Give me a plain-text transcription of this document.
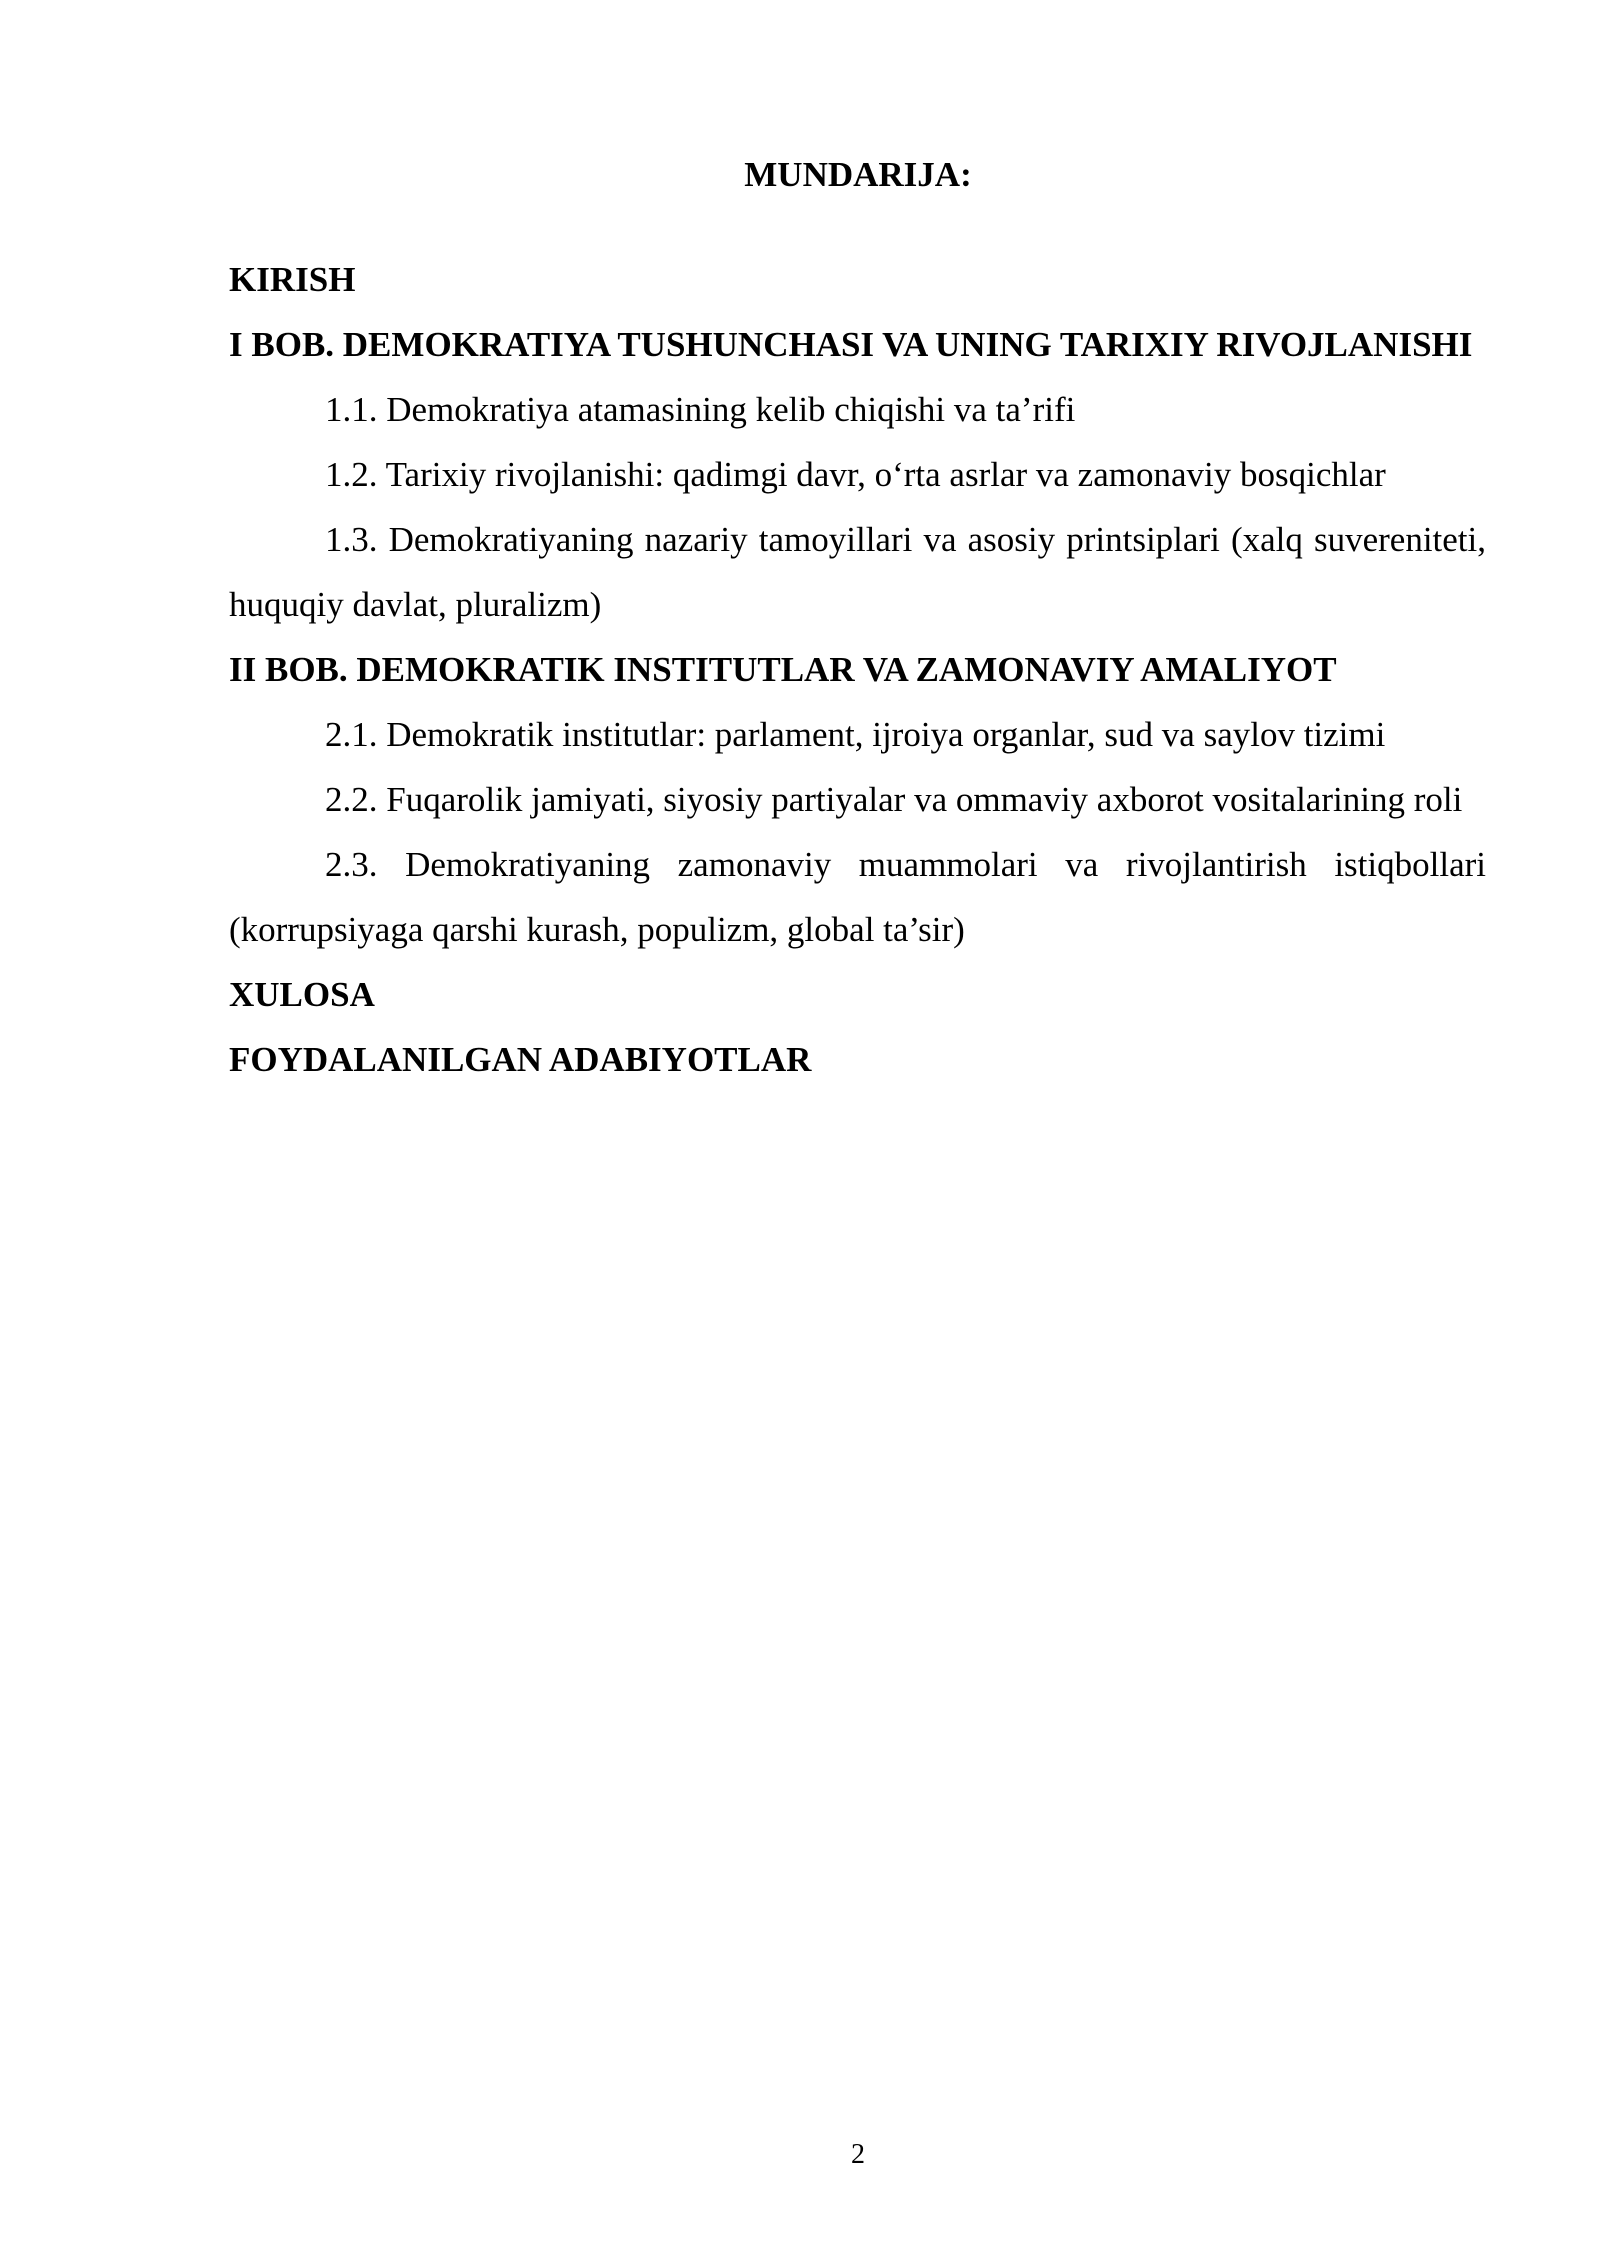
MUNDARIJA:

KIRISH

I BOB. DEMOKRATIYA TUSHUNCHASI VA UNING TARIXIY RIVOJLANISHI

1.1. Demokratiya atamasining kelib chiqishi va ta’rifi

1.2. Tarixiy rivojlanishi: qadimgi davr, o‘rta asrlar va zamonaviy bosqichlar

1.3. Demokratiyaning nazariy tamoyillari va asosiy printsiplari (xalq suvereniteti, huquqiy davlat, pluralizm)

II BOB. DEMOKRATIK INSTITUTLAR VA ZAMONAVIY AMALIYOT

2.1. Demokratik institutlar: parlament, ijroiya organlar, sud va saylov tizimi

2.2. Fuqarolik jamiyati, siyosiy partiyalar va ommaviy axborot vositalarining roli

2.3. Demokratiyaning zamonaviy muammolari va rivojlantirish istiqbollari (korrupsiyaga qarshi kurash, populizm, global ta’sir)

XULOSA

FOYDALANILGAN ADABIYOTLAR

2
